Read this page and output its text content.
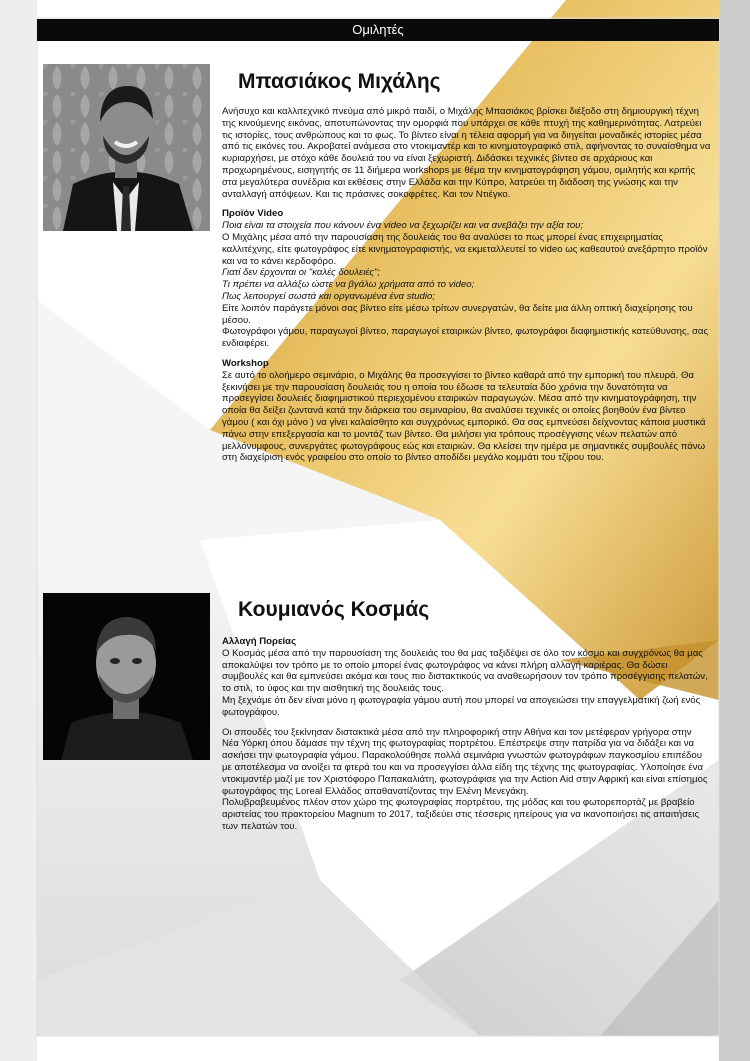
Ομιλητές
Μπασιάκος Μιχάλης

Ανήσυχο και καλλιτεχνικό πνεύμα από μικρό παιδί, ο Μιχάλης Μπασιάκος βρίσκει διέξοδο στη δημιουργική τέχνη της κινούμενης εικόνας, αποτυπώνοντας την ομορφιά που υπάρχει σε κάθε πτυχή της καθημερινότητας. Λατρεύει τις ιστορίες, τους ανθρώπους και το φως. Το βίντεο είναι η τέλεια αφορμή για να διηγείται μοναδικές ιστορίες μέσα από τις εικόνες του. Ακροβατεί ανάμεσα στο ντοκιμαντέρ και το κινηματογραφικό στιλ, αφήνοντας το συναίσθημα να κυριαρχήσει, με στόχο κάθε δουλειά του να είναι ξεχωριστή. Διδάσκει τεχνικές βίντεο σε αρχάριους και προχωρημένους, εισηγητής σε 11 διήμερα workshops με θέμα την κινηματογράφηση γάμου, ομιλητής και κριτής στα μεγαλύτερα συνέδρια και εκθέσεις στην Ελλάδα και την Κύπρο, λατρεύει τη διάδοση της γνώσης και την ανταλλαγή απόψεων. Και τις πράσινες σοκοφρέτες. Και τον Ντιέγκο.

Προϊόν Video

Ποια είναι τα στοιχεία που κάνουν ένα video να ξεχωρίζει και να ανεβάζει την αξία του;

Ο Μιχάλης μέσα από την παρουσίαση της δουλειάς του θα αναλύσει το πως μπορεί ένας επιχειρηματίας καλλιτέχνης, είτε φωτογράφος είτε κινηματογραφιστής, να εκμεταλλευτεί το video ως καθεαυτού ανεξάρτητο προϊόν και να το κάνει κερδοφόρο.

Γιατί δεν έρχονται οι "καλές δουλειές";

Τι πρέπει να αλλάξω ώστε να βγάλω χρήματα από το video;

Πως λειτουργεί σωστά και οργανωμένα ένα studio;

Είτε λοιπόν παράγετε μόνοι σας βίντεο είτε μέσω τρίτων συνεργατών, θα δείτε μια άλλη οπτική διαχείρησης του μέσου.

Φωτογράφοι γάμου, παραγωγοί βίντεο, παραγωγοί εταιρικών βίντεο, φωτογράφοι διαφημιστικής κατεύθυνσης, σας ενδιαφέρει.

Workshop

Σε αυτό το ολοήμερο σεμινάριο, ο Μιχάλης θα προσεγγίσει το βίντεο καθαρά από την εμπορική του πλευρά. Θα ξεκινήσει με την παρουσίαση δουλειάς του η οποία του έδωσε τα τελευταία δύο χρόνια την δυνατότητα να προσεγγίσει δουλειές διαφημιστικού περιεχομένου εταιρικών παραγωγών. Μέσα από την κινηματογράφηση, την οποία θα δείξει ζωντανά κατά την διάρκεια του σεμιναρίου, θα αναλύσει τεχνικές οι οποίες βοηθούν ένα βίντεο γάμου ( και όχι μόνο ) να γίνει καλαίσθητο και συγχρόνως εμπορικό. Θα σας εμπνεύσει δείχνοντας κάποια μυστικά πάνω στην επεξεργασία και το μοντάζ των βίντεο. Θα μιλήσει για τρόπους προσέγγισης νέων πελατών από μελλόνυμφους, συνεργάτες φωτογράφους εώς και εταιριών. Θα κλείσει την ημέρα με σημαντικές συμβουλές πάνω στη διαχείριση ενός γραφείου στο οποίο το βίντεο αποδίδει μεγάλο κομμάτι του τζίρου του.

Κουμιανός Κοσμάς

Αλλαγή Πορείας

Ο Κοσμάς μέσα από την παρουσίαση της δουλειάς του θα μας ταξιδέψει σε όλο τον κόσμο και συγχρόνως θα μας αποκαλύψει τον τρόπο με το οποίο μπορεί ένας φωτογράφος να κάνει πλήρη αλλαγή καριέρας. Θα δώσει συμβουλές και θα εμπνεύσει ακόμα και τους πιο διστακτικούς να αναθεωρήσουν τον τρόπο προσέγγισης πελατών, το στιλ, το ύφος και την αισθητική της δουλειάς τους.

Μη ξεχνάμε ότι δεν είναι μόνο η φωτογραφία γάμου αυτή που μπορεί να απογειώσει την επαγγελματική ζωή ενός φωτογράφου.

Οι σπουδές του ξεκίνησαν διστακτικά μέσα από την πληροφορική στην Αθήνα και τον μετέφεραν γρήγορα στην Νέα Υόρκη όπου δάμασε την τέχνη της φωτογραφίας πορτρέτου. Επέστρεψε στην πατρίδα για να διδάξει και να ασκήσει την φωτογραφία γάμου. Παρακολούθησε πολλά σεμινάρια γνωστών φωτογράφων παγκοσμίου επιπέδου με αποτέλεσμα να ανοίξει τα φτερά του και να προσεγγίσει άλλα είδη της τέχνης της φωτογραφίας. Υλοποίησε ένα ντοκιμαντέρ μαζί με τον Χριστόφορο Παπακαλιάτη, φωτογράφισε για την Action Aid στην Αφρική και είναι επίσημος φωτογράφος της Loreal Ελλάδος απαθανατίζοντας την Ελένη Μενεγάκη.

Πολυβραβευμένος πλέον στον χώρο της φωτογραφίας πορτρέτου, της μόδας και του φωτορεπορτάζ με βραβείο αριστείας του πρακτορείου Magnum το 2017, ταξιδεύει στις τέσσερις ηπείρους για να ικανοποιήσει τις απαιτήσεις των πελατών του.
